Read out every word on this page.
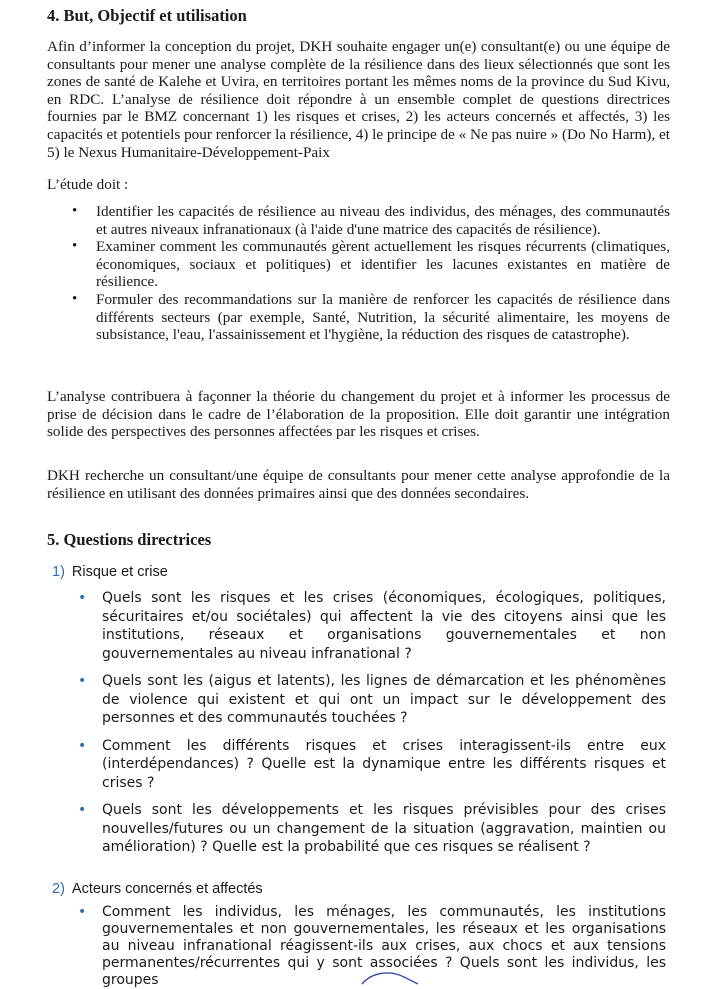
4. But, Objectif et utilisation
Afin d’informer la conception du projet, DKH souhaite engager un(e) consultant(e) ou une équipe de consultants pour mener une analyse complète de la résilience dans des lieux sélectionnés que sont les zones de santé de Kalehe et Uvira, en territoires portant les mêmes noms de la province du Sud Kivu, en RDC. L’analyse de résilience doit répondre à un ensemble complet de questions directrices fournies par le BMZ concernant 1) les risques et crises, 2) les acteurs concernés et affectés, 3) les capacités et potentiels pour renforcer la résilience, 4) le principe de « Ne pas nuire » (Do No Harm), et 5) le Nexus Humanitaire-Développement-Paix
L’étude doit :
• Identifier les capacités de résilience au niveau des individus, des ménages, des communautés et autres niveaux infranationaux (à l'aide d'une matrice des capacités de résilience).
• Examiner comment les communautés gèrent actuellement les risques récurrents (climatiques, économiques, sociaux et politiques) et identifier les lacunes existantes en matière de résilience.
• Formuler des recommandations sur la manière de renforcer les capacités de résilience dans différents secteurs (par exemple, Santé, Nutrition, la sécurité alimentaire, les moyens de subsistance, l'eau, l'assainissement et l'hygiène, la réduction des risques de catastrophe).
L’analyse contribuera à façonner la théorie du changement du projet et à informer les processus de prise de décision dans le cadre de l’élaboration de la proposition. Elle doit garantir une intégration solide des perspectives des personnes affectées par les risques et crises.
DKH recherche un consultant/une équipe de consultants pour mener cette analyse approfondie de la résilience en utilisant des données primaires ainsi que des données secondaires.
5. Questions directrices
1) Risque et crise
• Quels sont les risques et les crises (économiques, écologiques, politiques, sécuritaires et/ou sociétales) qui affectent la vie des citoyens ainsi que les institutions, réseaux et organisations gouvernementales et non gouvernementales au niveau infranational ?
• Quels sont les (aigus et latents), les lignes de démarcation et les phénomènes de violence qui existent et qui ont un impact sur le développement des personnes et des communautés touchées ?
• Comment les différents risques et crises interagissent-ils entre eux (interdépendances) ? Quelle est la dynamique entre les différents risques et crises ?
• Quels sont les développements et les risques prévisibles pour des crises nouvelles/futures ou un changement de la situation (aggravation, maintien ou amélioration) ? Quelle est la probabilité que ces risques se réalisent ?
2) Acteurs concernés et affectés
• Comment les individus, les ménages, les communautés, les institutions gouvernementales et non gouvernementales, les réseaux et les organisations au niveau infranational réagissent-ils aux crises, aux chocs et aux tensions permanentes/récurrentes qui y sont associées ? Quels sont les individus, les groupes
